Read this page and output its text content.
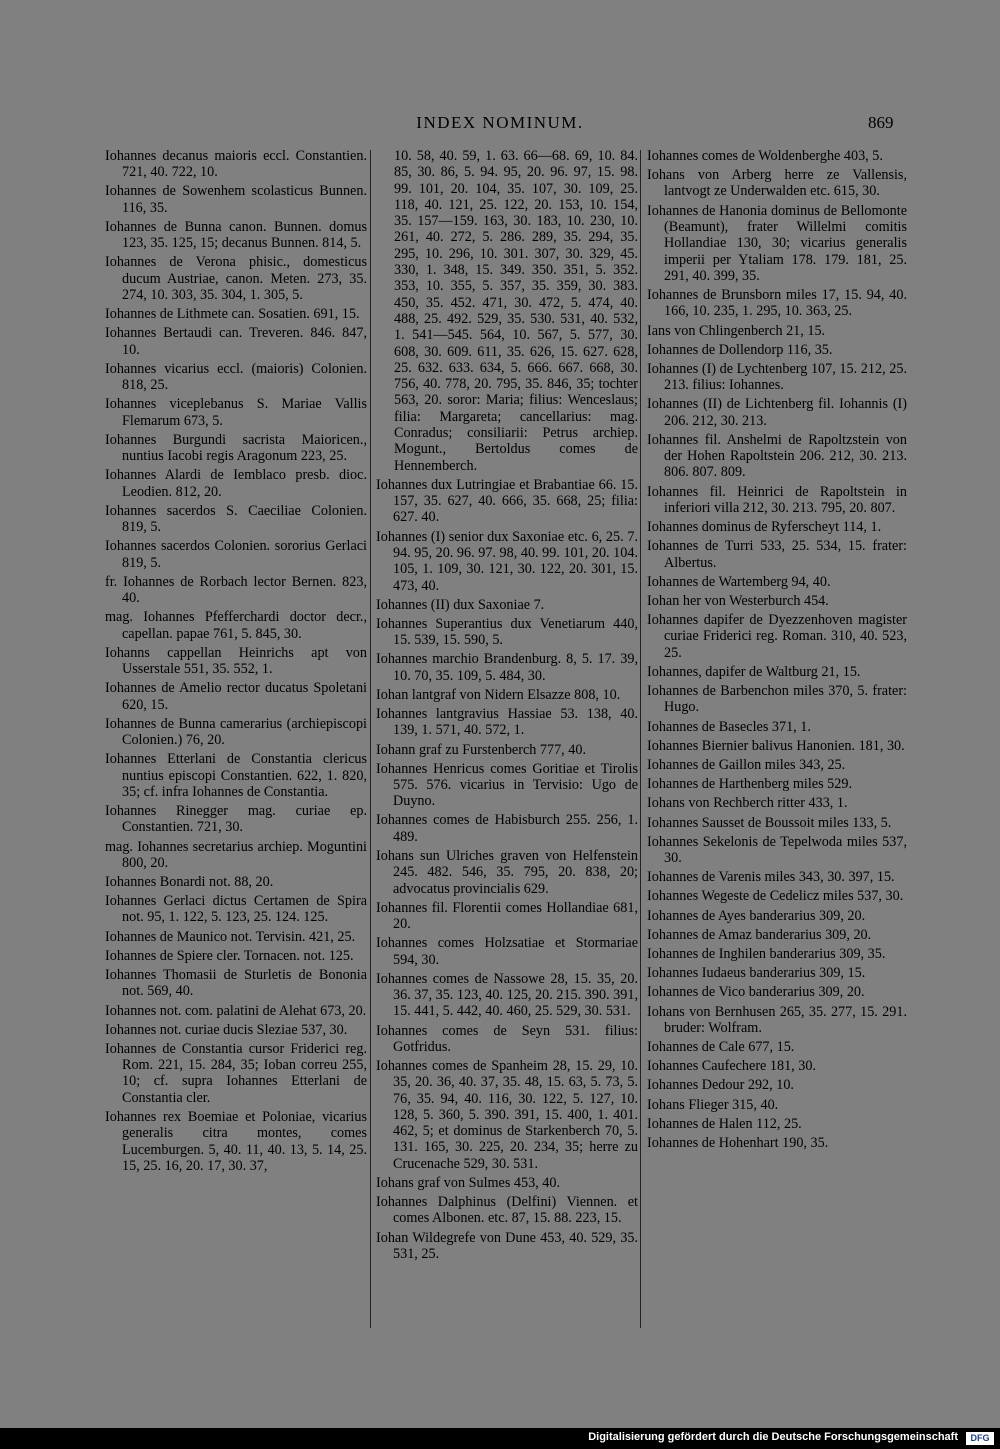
INDEX NOMINUM.	869

Iohannes decanus maioris eccl. Constantien. 721, 40. 722, 10.

Iohannes de Sowenhem scolasticus Bunnen. 116, 35.

Iohannes de Bunna canon. Bunnen. domus 123, 35. 125, 15; decanus Bunnen. 814, 5.

Iohannes de Verona phisic., domesticus ducum Austriae, canon. Meten. 273, 35. 274, 10. 303, 35. 304, 1. 305, 5.

Iohannes de Lithmete can. Sosatien. 691, 15.

Iohannes Bertaudi can. Treveren. 846. 847, 10.

Iohannes vicarius eccl. (maioris) Colonien. 818, 25.

Iohannes viceplebanus S. Mariae Vallis Flemarum 673, 5.

Iohannes Burgundi sacrista Maioricen., nuntius Iacobi regis Aragonum 223, 25.

Iohannes Alardi de Iemblaco presb. dioc. Leodien. 812, 20.

Iohannes sacerdos S. Caeciliae Colonien. 819, 5.

Iohannes sacerdos Colonien. sororius Gerlaci 819, 5.

fr. Iohannes de Rorbach lector Bernen. 823, 40.

mag. Iohannes Pfefferchardi doctor decr., capellan. papae 761, 5. 845, 30.

Iohanns cappellan Heinrichs apt von Usserstale 551, 35. 552, 1.

Iohannes de Amelio rector ducatus Spoletani 620, 15.

Iohannes de Bunna camerarius (archiepiscopi Colonien.) 76, 20.

Iohannes Etterlani de Constantia clericus nuntius episcopi Constantien. 622, 1. 820, 35; cf. infra Iohannes de Constantia.

Iohannes Rinegger mag. curiae ep. Constantien. 721, 30.

mag. Iohannes secretarius archiep. Moguntini 800, 20.

Iohannes Bonardi not. 88, 20.

Iohannes Gerlaci dictus Certamen de Spira not. 95, 1. 122, 5. 123, 25. 124. 125.

Iohannes de Maunico not. Tervisin. 421, 25.

Iohannes de Spiere cler. Tornacen. not. 125.

Iohannes Thomasii de Sturletis de Bononia not. 569, 40.

Iohannes not. com. palatini de Alehat 673, 20.

Iohannes not. curiae ducis Sleziae 537, 30.

Iohannes de Constantia cursor Friderici reg. Rom. 221, 15. 284, 35; Ioban correu 255, 10; cf. supra Iohannes Etterlani de Constantia cler.

Iohannes rex Boemiae et Poloniae, vicarius generalis citra montes, comes Lucemburgen. 5, 40. 11, 40. 13, 5. 14, 25. 15, 25. 16, 20. 17, 30. 37,

10. 58, 40. 59, 1. 63. 66—68. 69, 10. 84. 85, 30. 86, 5. 94. 95, 20. 96. 97, 15. 98. 99. 101, 20. 104, 35. 107, 30. 109, 25. 118, 40. 121, 25. 122, 20. 153, 10. 154, 35. 157—159. 163, 30. 183, 10. 230, 10. 261, 40. 272, 5. 286. 289, 35. 294, 35. 295, 10. 296, 10. 301. 307, 30. 329, 45. 330, 1. 348, 15. 349. 350. 351, 5. 352. 353, 10. 355, 5. 357, 35. 359, 30. 383. 450, 35. 452. 471, 30. 472, 5. 474, 40. 488, 25. 492. 529, 35. 530. 531, 40. 532, 1. 541—545. 564, 10. 567, 5. 577, 30. 608, 30. 609. 611, 35. 626, 15. 627. 628, 25. 632. 633. 634, 5. 666. 667. 668, 30. 756, 40. 778, 20. 795, 35. 846, 35; tochter 563, 20. soror: Maria; filius: Wenceslaus; filia: Margareta; cancellarius: mag. Conradus; consiliarii: Petrus archiep. Mogunt., Bertoldus comes de Hennemberch.

Iohannes dux Lutringiae et Brabantiae 66. 15. 157, 35. 627, 40. 666, 35. 668, 25; filia: 627. 40.

Iohannes (I) senior dux Saxoniae etc. 6, 25. 7. 94. 95, 20. 96. 97. 98, 40. 99. 101, 20. 104. 105, 1. 109, 30. 121, 30. 122, 20. 301, 15. 473, 40.

Iohannes (II) dux Saxoniae 7.

Iohannes Superantius dux Venetiarum 440, 15. 539, 15. 590, 5.

Iohannes marchio Brandenburg. 8, 5. 17. 39, 10. 70, 35. 109, 5. 484, 30.

Iohan lantgraf von Nidern Elsazze 808, 10.

Iohannes lantgravius Hassiae 53. 138, 40. 139, 1. 571, 40. 572, 1.

Iohann graf zu Furstenberch 777, 40.

Iohannes Henricus comes Goritiae et Tirolis 575. 576. vicarius in Tervisio: Ugo de Duyno.

Iohannes comes de Habisburch 255. 256, 1. 489.

Iohans sun Ulriches graven von Helfenstein 245. 482. 546, 35. 795, 20. 838, 20; advocatus provincialis 629.

Iohannes fil. Florentii comes Hollandiae 681, 20.

Iohannes comes Holzsatiae et Stormariae 594, 30.

Iohannes comes de Nassowe 28, 15. 35, 20. 36. 37, 35. 123, 40. 125, 20. 215. 390. 391, 15. 441, 5. 442, 40. 460, 25. 529, 30. 531.

Iohannes comes de Seyn 531. filius: Gotfridus.

Iohannes comes de Spanheim 28, 15. 29, 10. 35, 20. 36, 40. 37, 35. 48, 15. 63, 5. 73, 5. 76, 35. 94, 40. 116, 30. 122, 5. 127, 10. 128, 5. 360, 5. 390. 391, 15. 400, 1. 401. 462, 5; et dominus de Starkenberch 70, 5. 131. 165, 30. 225, 20. 234, 35; herre zu Crucenache 529, 30. 531.

Iohans graf von Sulmes 453, 40.

Iohannes Dalphinus (Delfini) Viennen. et comes Albonen. etc. 87, 15. 88. 223, 15.

Iohan Wildegrefe von Dune 453, 40. 529, 35. 531, 25.

Iohannes comes de Woldenberghe 403, 5.

Iohans von Arberg herre ze Vallensis, lantvogt ze Underwalden etc. 615, 30.

Iohannes de Hanonia dominus de Bellomonte (Beamunt), frater Willelmi comitis Hollandiae 130, 30; vicarius generalis imperii per Ytaliam 178. 179. 181, 25. 291, 40. 399, 35.

Iohannes de Brunsborn miles 17, 15. 94, 40. 166, 10. 235, 1. 295, 10. 363, 25.

Ians von Chlingenberch 21, 15.

Iohannes de Dollendorp 116, 35.

Iohannes (I) de Lychtenberg 107, 15. 212, 25. 213. filius: Iohannes.

Iohannes (II) de Lichtenberg fil. Iohannis (I) 206. 212, 30. 213.

Iohannes fil. Anshelmi de Rapoltzstein von der Hohen Rapoltstein 206. 212, 30. 213. 806. 807. 809.

Iohannes fil. Heinrici de Rapoltstein in inferiori villa 212, 30. 213. 795, 20. 807.

Iohannes dominus de Ryferscheyt 114, 1.

Iohannes de Turri 533, 25. 534, 15. frater: Albertus.

Iohannes de Wartemberg 94, 40.

Iohan her von Westerburch 454.

Iohannes dapifer de Dyezzenhoven magister curiae Friderici reg. Roman. 310, 40. 523, 25.

Iohannes, dapifer de Waltburg 21, 15.

Iohannes de Barbenchon miles 370, 5. frater: Hugo.

Iohannes de Basecles 371, 1.

Iohannes Biernier balivus Hanonien. 181, 30.

Iohannes de Gaillon miles 343, 25.

Iohannes de Harthenberg miles 529.

Iohans von Rechberch ritter 433, 1.

Iohannes Sausset de Boussoit miles 133, 5.

Iohannes Sekelonis de Tepelwoda miles 537, 30.

Iohannes de Varenis miles 343, 30. 397, 15.

Iohannes Wegeste de Cedelicz miles 537, 30.

Iohannes de Ayes banderarius 309, 20.

Iohannes de Amaz banderarius 309, 20.

Iohannes de Inghilen banderarius 309, 35.

Iohannes Iudaeus banderarius 309, 15.

Iohannes de Vico banderarius 309, 20.

Iohans von Bernhusen 265, 35. 277, 15. 291. bruder: Wolfram.

Iohannes de Cale 677, 15.

Iohannes Caufechere 181, 30.

Iohannes Dedour 292, 10.

Iohans Flieger 315, 40.

Iohannes de Halen 112, 25.

Iohannes de Hohenhart 190, 35.

Digitalisierung gefördert durch die Deutsche Forschungsgemeinschaft	DFG
